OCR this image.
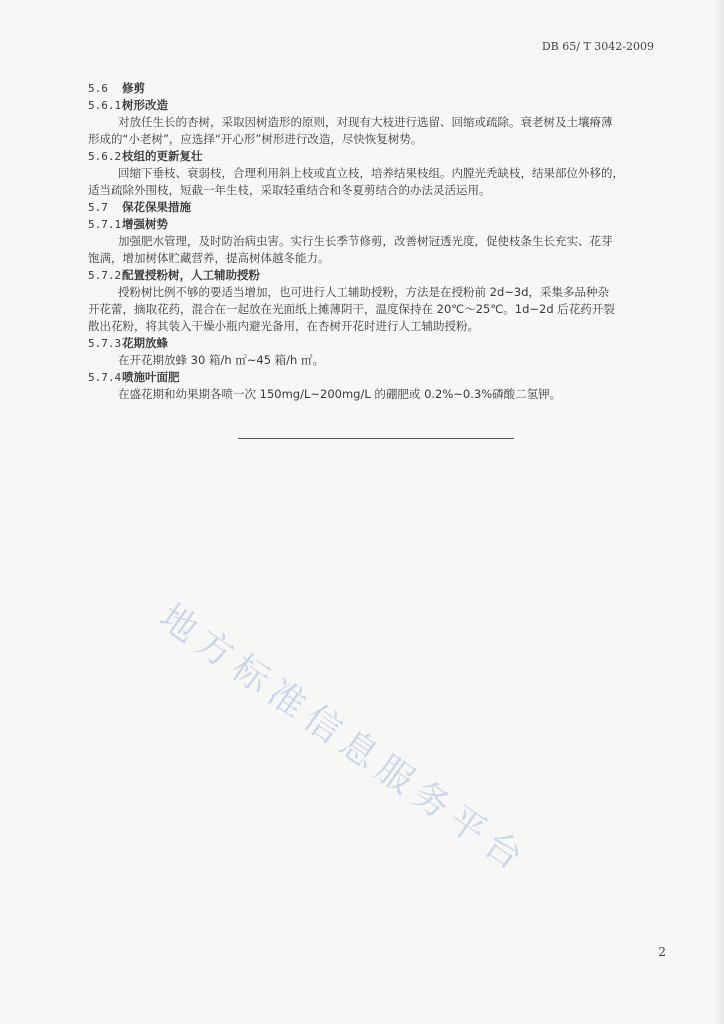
DB 65/ T 3042-2009
5.6 修剪
5.6.1树形改造
对放任生长的杏树，采取因树造形的原则，对现有大枝进行选留、回缩或疏除。衰老树及土壤瘠薄
形成的“小老树”，应选择“开心形”树形进行改造，尽快恢复树势。
5.6.2枝组的更新复壮
回缩下垂枝、衰弱枝，合理利用斜上枝或直立枝，培养结果枝组。内膛光秃缺枝，结果部位外移的，
适当疏除外围枝，短截一年生枝，采取轻重结合和冬夏剪结合的办法灵活运用。
5.7 保花保果措施
5.7.1增强树势
加强肥水管理，及时防治病虫害。实行生长季节修剪，改善树冠透光度，促使枝条生长充实、花芽
饱满，增加树体贮藏营养，提高树体越冬能力。
5.7.2配置授粉树，人工辅助授粉
授粉树比例不够的要适当增加，也可进行人工辅助授粉，方法是在授粉前 2d~3d，采集多品种杂
开花蕾，摘取花药，混合在一起放在光面纸上摊薄阴干，温度保持在 20℃～25℃。1d~2d 后花药开裂
散出花粉，将其装入干燥小瓶内避光备用，在杏树开花时进行人工辅助授粉。
5.7.3花期放蜂
在开花期放蜂 30 箱/h ㎡~45 箱/h ㎡。
5.7.4喷施叶面肥
在盛花期和幼果期各喷一次 150mg/L~200mg/L 的硼肥或 0.2%~0.3%磷酸二氢钾。
地方标准信息服务平台
2
